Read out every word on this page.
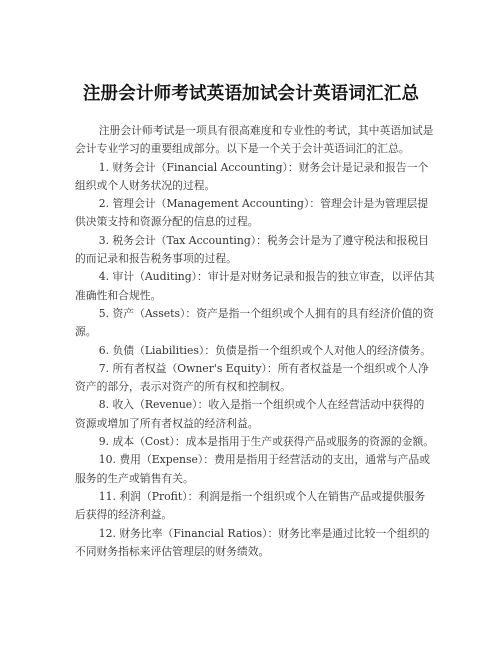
注册会计师考试英语加试会计英语词汇汇总

注册会计师考试是一项具有很高难度和专业性的考试，其中英语加试是会计专业学习的重要组成部分。以下是一个关于会计英语词汇的汇总。

1. 财务会计（Financial Accounting）：财务会计是记录和报告一个组织或个人财务状况的过程。

2. 管理会计（Management Accounting）：管理会计是为管理层提供决策支持和资源分配的信息的过程。

3. 税务会计（Tax Accounting）：税务会计是为了遵守税法和报税目的而记录和报告税务事项的过程。

4. 审计（Auditing）：审计是对财务记录和报告的独立审查，以评估其准确性和合规性。

5. 资产（Assets）：资产是指一个组织或个人拥有的具有经济价值的资源。

6. 负债（Liabilities）：负债是指一个组织或个人对他人的经济债务。

7. 所有者权益（Owner's Equity）：所有者权益是一个组织或个人净资产的部分，表示对资产的所有权和控制权。

8. 收入（Revenue）：收入是指一个组织或个人在经营活动中获得的资源或增加了所有者权益的经济利益。

9. 成本（Cost）：成本是指用于生产或获得产品或服务的资源的金额。

10. 费用（Expense）：费用是指用于经营活动的支出，通常与产品或服务的生产或销售有关。

11. 利润（Profit）：利润是指一个组织或个人在销售产品或提供服务后获得的经济利益。

12. 财务比率（Financial Ratios）：财务比率是通过比较一个组织的不同财务指标来评估管理层的财务绩效。
